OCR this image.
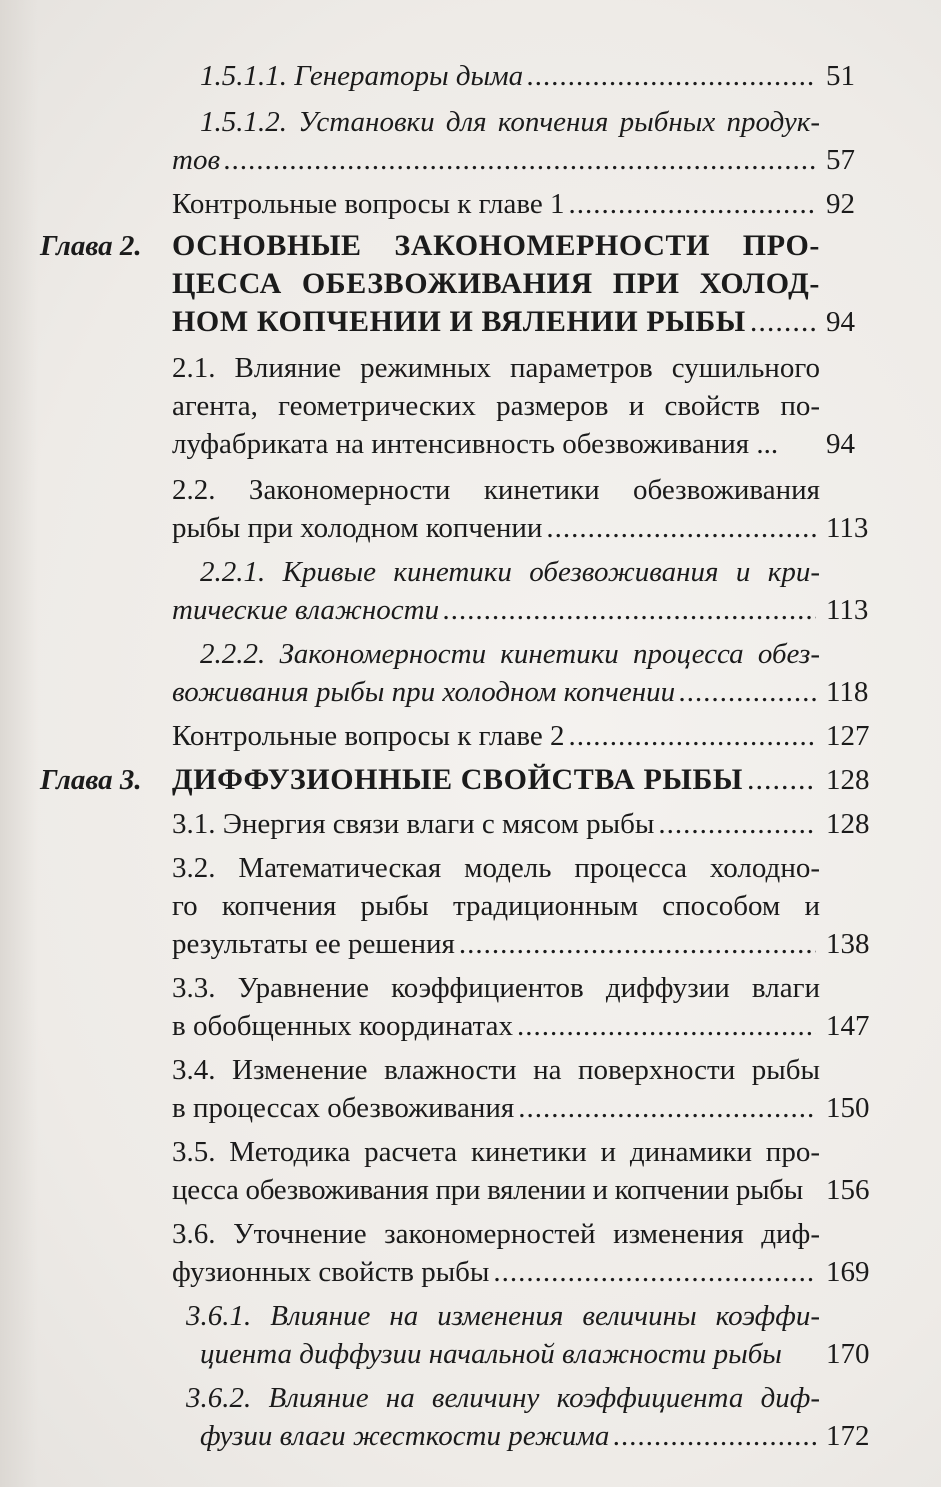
1.5.1.1. Генераторы дыма .....	51
1.5.1.2. Установки для копчения рыбных продук-
тов .....	57
Контрольные вопросы к главе 1 .....	92
Глава 2. ОСНОВНЫЕ ЗАКОНОМЕРНОСТИ ПРО-
ЦЕССА ОБЕЗВОЖИВАНИЯ ПРИ ХОЛОД-
НОМ КОПЧЕНИИ И ВЯЛЕНИИ РЫБЫ .....	94
2.1. Влияние режимных параметров сушильного
агента, геометрических размеров и свойств по-
луфабриката на интенсивность обезвоживания ... 94
2.2. Закономерности кинетики обезвоживания
рыбы при холодном копчении .....	113
2.2.1. Кривые кинетики обезвоживания и кри-
тические влажности .....	113
2.2.2. Закономерности кинетики процесса обез-
воживания рыбы при холодном копчении .....	118
Контрольные вопросы к главе 2 .....	127
Глава 3. ДИФФУЗИОННЫЕ СВОЙСТВА РЫБЫ .....	128
3.1. Энергия связи влаги с мясом рыбы .....	128
3.2. Математическая модель процесса холодно-
го копчения рыбы традиционным способом и
результаты ее решения .....	138
3.3. Уравнение коэффициентов диффузии влаги
в обобщенных координатах .....	147
3.4. Изменение влажности на поверхности рыбы
в процессах обезвоживания .....	150
3.5. Методика расчета кинетики и динамики про-
цесса обезвоживания при вялении и копчении рыбы 156
3.6. Уточнение закономерностей изменения диф-
фузионных свойств рыбы .....	169
3.6.1. Влияние на изменения величины коэффи-
циента диффузии начальной влажности рыбы 170
3.6.2. Влияние на величину коэффициента диф-
фузии влаги жесткости режима .....	172
